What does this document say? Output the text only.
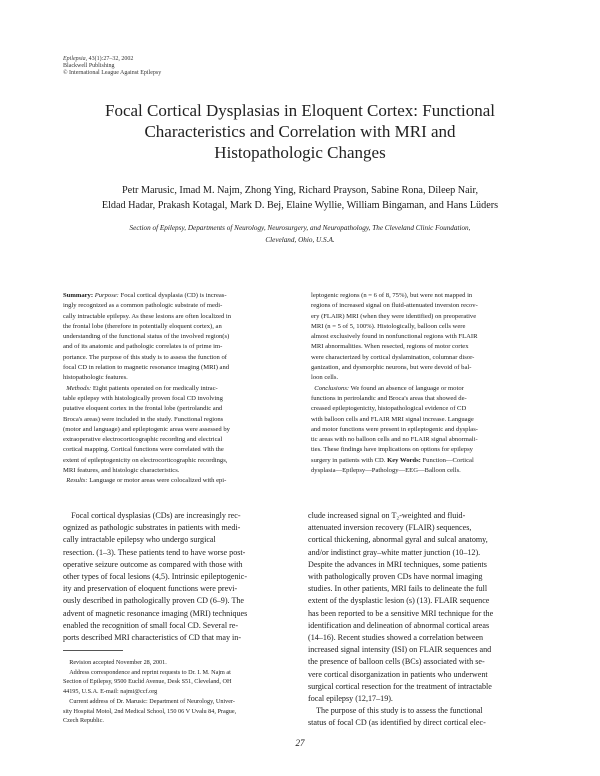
Epilepsia, 43(1):27–32, 2002
Blackwell Publishing
© International League Against Epilepsy
Focal Cortical Dysplasias in Eloquent Cortex: Functional
Characteristics and Correlation with MRI and
Histopathologic Changes
Petr Marusic, Imad M. Najm, Zhong Ying, Richard Prayson, Sabine Rona, Dileep Nair,
Eldad Hadar, Prakash Kotagal, Mark D. Bej, Elaine Wyllie, William Bingaman, and Hans Lüders
Section of Epilepsy, Departments of Neurology, Neurosurgery, and Neuropathology, The Cleveland Clinic Foundation,
Cleveland, Ohio, U.S.A.
Summary: Purpose: Focal cortical dysplasia (CD) is increas-
ingly recognized as a common pathologic substrate of medi-
cally intractable epilepsy. As these lesions are often localized in
the frontal lobe (therefore in potentially eloquent cortex), an
understanding of the functional status of the involved region(s)
and of its anatomic and pathologic correlates is of prime im-
portance. The purpose of this study is to assess the function of
focal CD in relation to magnetic resonance imaging (MRI) and
histopathologic features.
Methods: Eight patients operated on for medically intrac-
table epilepsy with histologically proven focal CD involving
putative eloquent cortex in the frontal lobe (perirolandic and
Broca's areas) were included in the study. Functional regions
(motor and language) and epileptogenic areas were assessed by
extraoperative electrocorticographic recording and electrical
cortical mapping. Cortical functions were correlated with the
extent of epileptogenicity on electrocorticographic recordings,
MRI features, and histologic characteristics.
Results: Language or motor areas were colocalized with epi-
leptogenic regions (n = 6 of 8, 75%), but were not mapped in
regions of increased signal on fluid-attenuated inversion recov-
ery (FLAIR) MRI (when they were identified) on preoperative
MRI (n = 5 of 5, 100%). Histologically, balloon cells were
almost exclusively found in nonfunctional regions with FLAIR
MRI abnormalities. When resected, regions of motor cortex
were characterized by cortical dyslamination, columnar disor-
ganization, and dysmorphic neurons, but were devoid of bal-
loon cells.
Conclusions: We found an absence of language or motor
functions in perirolandic and Broca's areas that showed de-
creased epileptogenicity, histopathological evidence of CD
with balloon cells and FLAIR MRI signal increase. Language
and motor functions were present in epileptogenic and dysplas-
tic areas with no balloon cells and no FLAIR signal abnormali-
ties. These findings have implications on options for epilepsy
surgery in patients with CD. Key Words: Function—Cortical
dysplasia—Epilepsy—Pathology—EEG—Balloon cells.
Focal cortical dysplasias (CDs) are increasingly rec-
ognized as pathologic substrates in patients with medi-
cally intractable epilepsy who undergo surgical
resection. (1–3). These patients tend to have worse post-
operative seizure outcome as compared with those with
other types of focal lesions (4,5). Intrinsic epileptogenic-
ity and preservation of eloquent functions were previ-
ously described in pathologically proven CD (6–9). The
advent of magnetic resonance imaging (MRI) techniques
enabled the recognition of small focal CD. Several re-
ports described MRI characteristics of CD that may in-
clude increased signal on T₂-weighted and fluid-
attenuated inversion recovery (FLAIR) sequences,
cortical thickening, abnormal gyral and sulcal anatomy,
and/or indistinct gray–white matter junction (10–12).
Despite the advances in MRI techniques, some patients
with pathologically proven CDs have normal imaging
studies. In other patients, MRI fails to delineate the full
extent of the dysplastic lesion (s) (13). FLAIR sequence
has been reported to be a sensitive MRI technique for the
identification and delineation of abnormal cortical areas
(14–16). Recent studies showed a correlation between
increased signal intensity (ISI) on FLAIR sequences and
the presence of balloon cells (BCs) associated with se-
vere cortical disorganization in patients who underwent
surgical cortical resection for the treatment of intractable
focal epilepsy (12,17–19).
The purpose of this study is to assess the functional
status of focal CD (as identified by direct cortical elec-
Revision accepted November 28, 2001.
Address correspondence and reprint requests to Dr. I. M. Najm at
Section of Epilepsy, 9500 Euclid Avenue, Desk S51, Cleveland, OH
44195, U.S.A. E-mail: najmi@ccf.org
Current address of Dr. Marusic: Department of Neurology, Univer-
sity Hospital Motol, 2nd Medical School, 150 06 V Uvalu 84, Prague,
Czech Republic.
27
